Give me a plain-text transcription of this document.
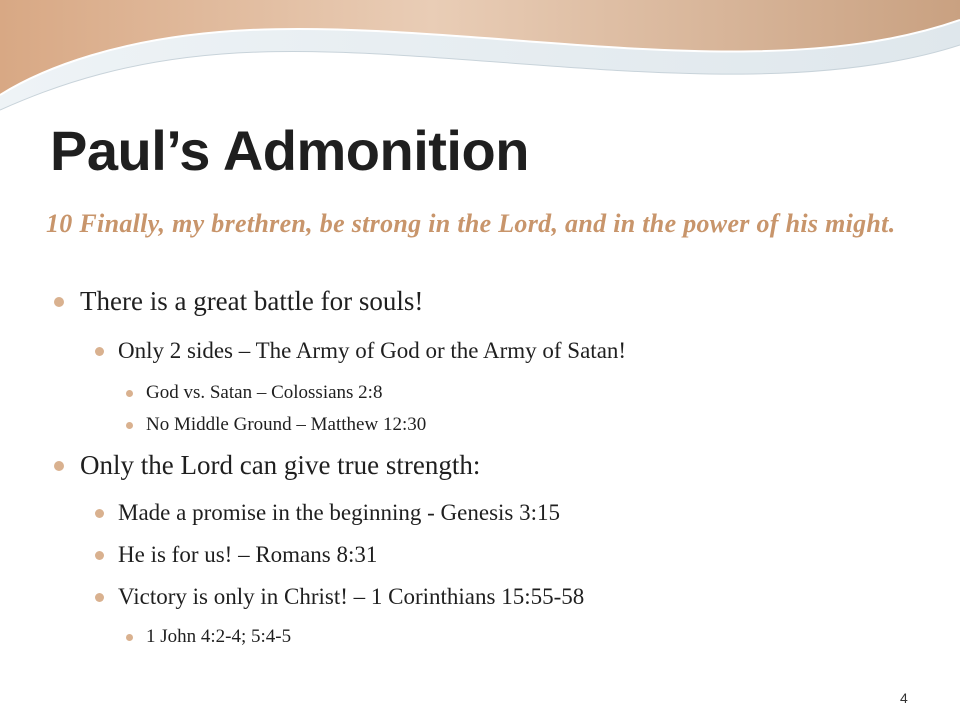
Paul’s Admonition
10 Finally, my brethren, be strong in the Lord, and in the power of his might.
There is a great battle for souls!
Only 2 sides – The Army of God or the Army of Satan!
God vs. Satan – Colossians 2:8
No Middle Ground – Matthew 12:30
Only the Lord can give true strength:
Made a promise in the beginning - Genesis 3:15
He is for us! – Romans 8:31
Victory is only in Christ! – 1 Corinthians 15:55-58
1 John 4:2-4; 5:4-5
4
